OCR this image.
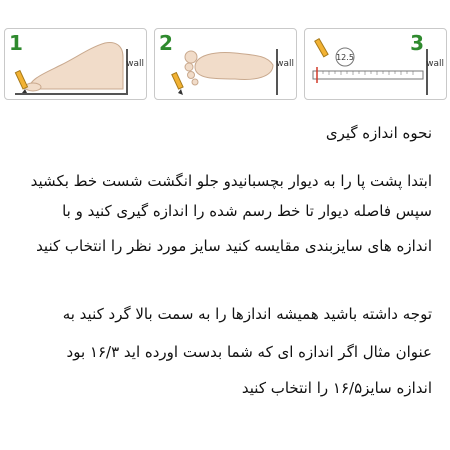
1
wall
2
wall
3
12.5
wall
نحوه اندازه گیری
ابتدا پشت پا را به دیوار بچسبانیدو جلو انگشت شست خط بکشید
سپس فاصله دیوار تا خط رسم شده را اندازه گیری کنید و با
اندازه های سایزبندی مقایسه کنید سایز مورد نظر را انتخاب کنید
توجه داشته باشید همیشه اندازها را به سمت بالا گرد کنید به
عنوان مثال اگر اندازه ای که شما بدست اورده اید ۱۶/۳ بود
اندازه سایز۱۶/۵ را انتخاب کنید
